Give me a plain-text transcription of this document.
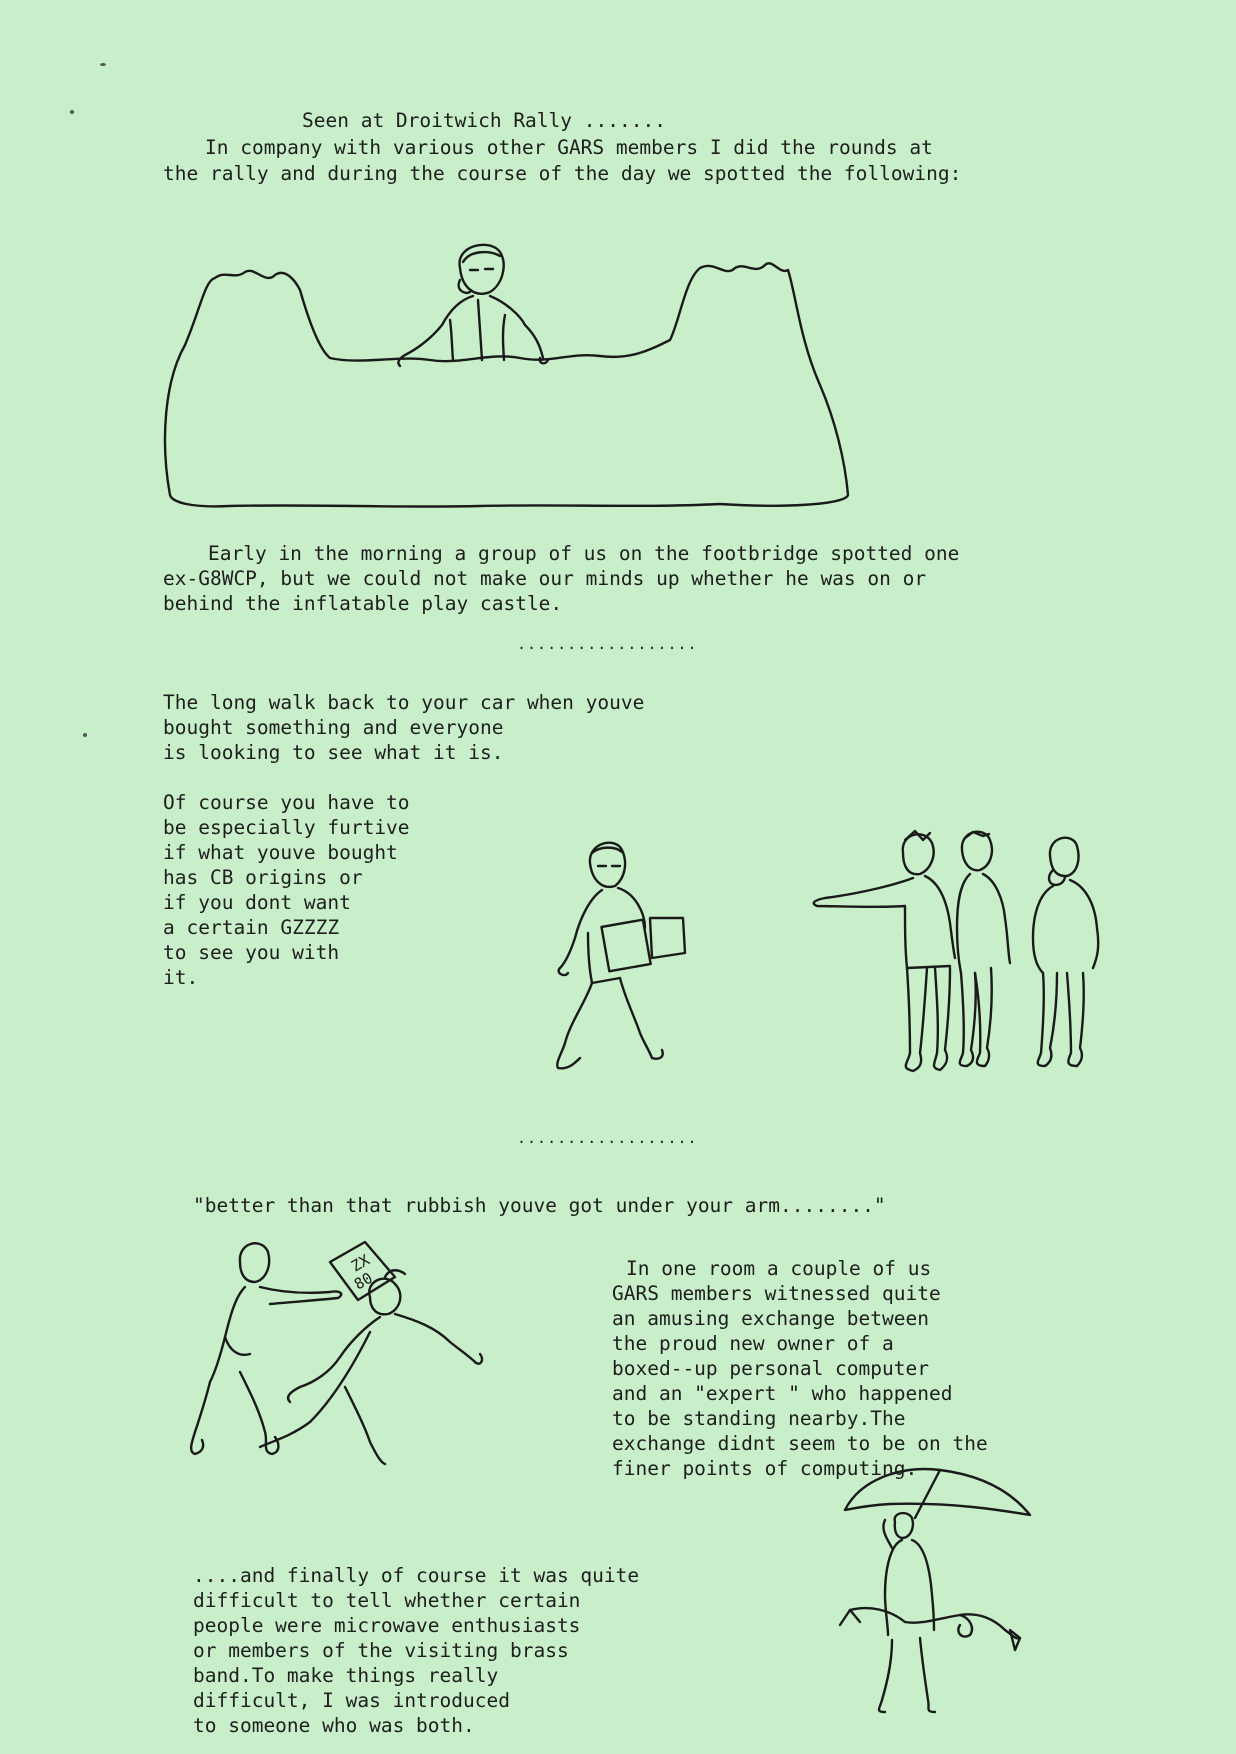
Seen at Droitwich Rally .......

In company with various other GARS members I did the rounds at

the rally and during the course of the day we spotted the following:

Early in the morning a group of us on the footbridge spotted one

ex-G8WCP, but we could not make our minds up whether he was on or

behind the inflatable play castle.

..................

The long walk back to your car when youve

bought something and everyone

is looking to see what it is.

Of course you have to

be especially furtive

if what youve bought

has CB origins or

if you dont want

a certain GZZZZ

to see you with

it.

..................

"better than that rubbish youve got under your arm........"

ZX
80

In one room a couple of us

GARS members witnessed quite

an amusing exchange between

the proud new owner of a

boxed--up personal computer

and an "expert " who happened

to be standing nearby.The

exchange didnt seem to be on the

finer points of computing.

....and finally of course it was quite

difficult to tell whether certain

people were microwave enthusiasts

or members of the visiting brass

band.To make things really

difficult, I was introduced

to someone who was both.
